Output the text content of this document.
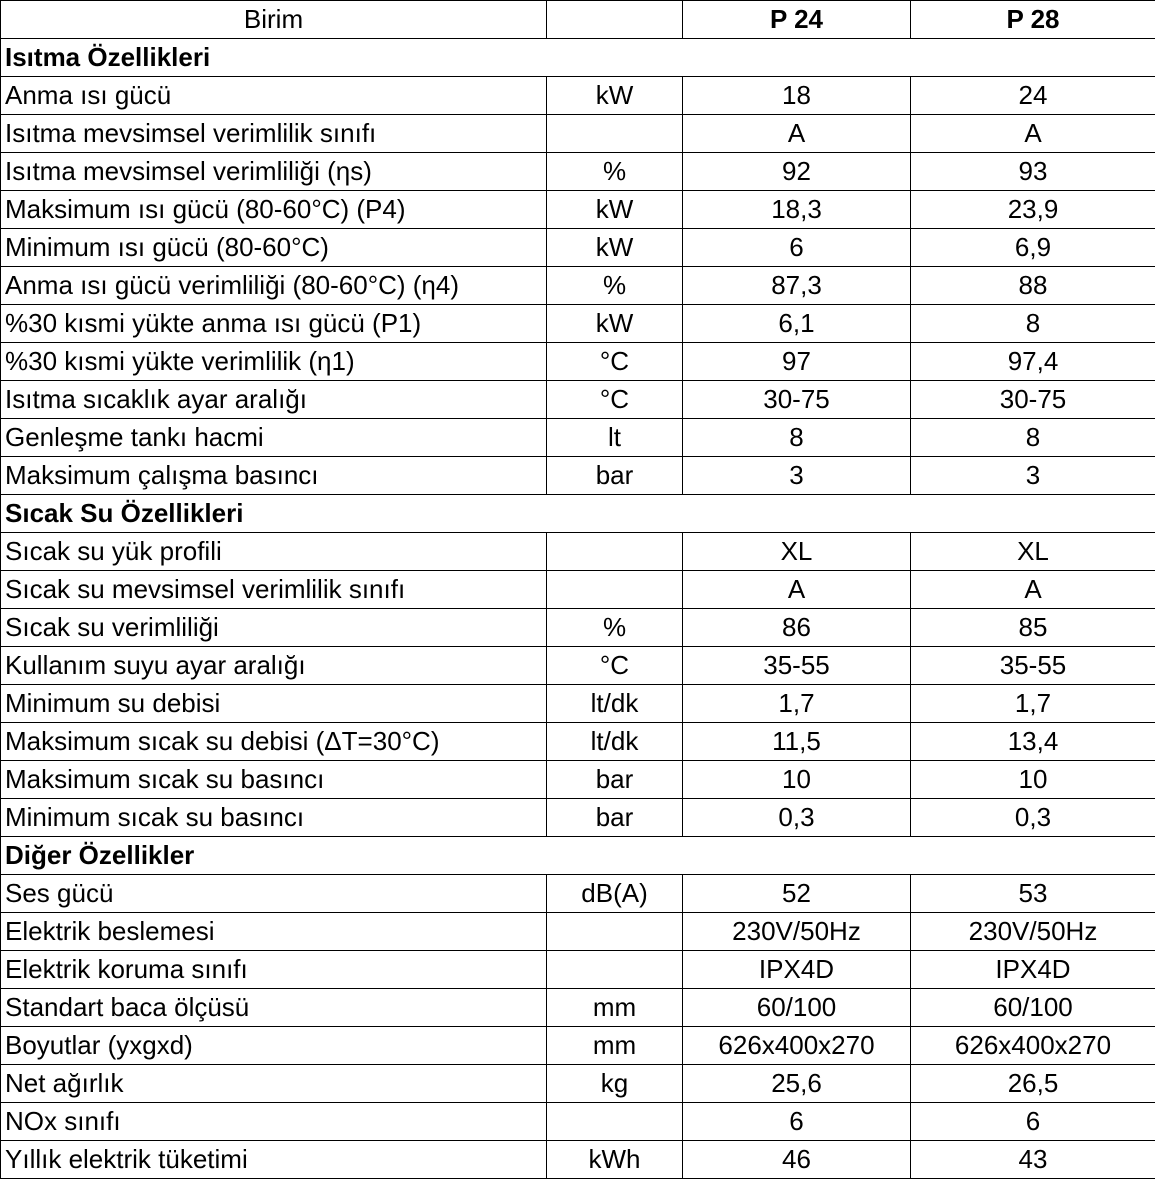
Birim		P 24	P 28
Isıtma Özellikleri			
Anma ısı gücü	kW	18	24
Isıtma mevsimsel verimlilik sınıfı		A	A
Isıtma mevsimsel verimliliği (ηs)	%	92	93
Maksimum ısı gücü (80-60°C) (P4)	kW	18,3	23,9
Minimum ısı gücü (80-60°C)	kW	6	6,9
Anma ısı gücü verimliliği (80-60°C) (η4)	%	87,3	88
%30 kısmi yükte anma ısı gücü (P1)	kW	6,1	8
%30 kısmi yükte verimlilik (η1)	°C	97	97,4
Isıtma sıcaklık ayar aralığı	°C	30-75	30-75
Genleşme tankı hacmi	lt	8	8
Maksimum çalışma basıncı	bar	3	3
Sıcak Su Özellikleri			
Sıcak su yük profili		XL	XL
Sıcak su mevsimsel verimlilik sınıfı		A	A
Sıcak su verimliliği	%	86	85
Kullanım suyu ayar aralığı	°C	35-55	35-55
Minimum su debisi	lt/dk	1,7	1,7
Maksimum sıcak su debisi (ΔT=30°C)	lt/dk	11,5	13,4
Maksimum sıcak su basıncı	bar	10	10
Minimum sıcak su basıncı	bar	0,3	0,3
Diğer Özellikler			
Ses gücü	dB(A)	52	53
Elektrik beslemesi		230V/50Hz	230V/50Hz
Elektrik koruma sınıfı		IPX4D	IPX4D
Standart baca ölçüsü	mm	60/100	60/100
Boyutlar (yxgxd)	mm	626x400x270	626x400x270
Net ağırlık	kg	25,6	26,5
NOx sınıfı		6	6
Yıllık elektrik tüketimi	kWh	46	43
